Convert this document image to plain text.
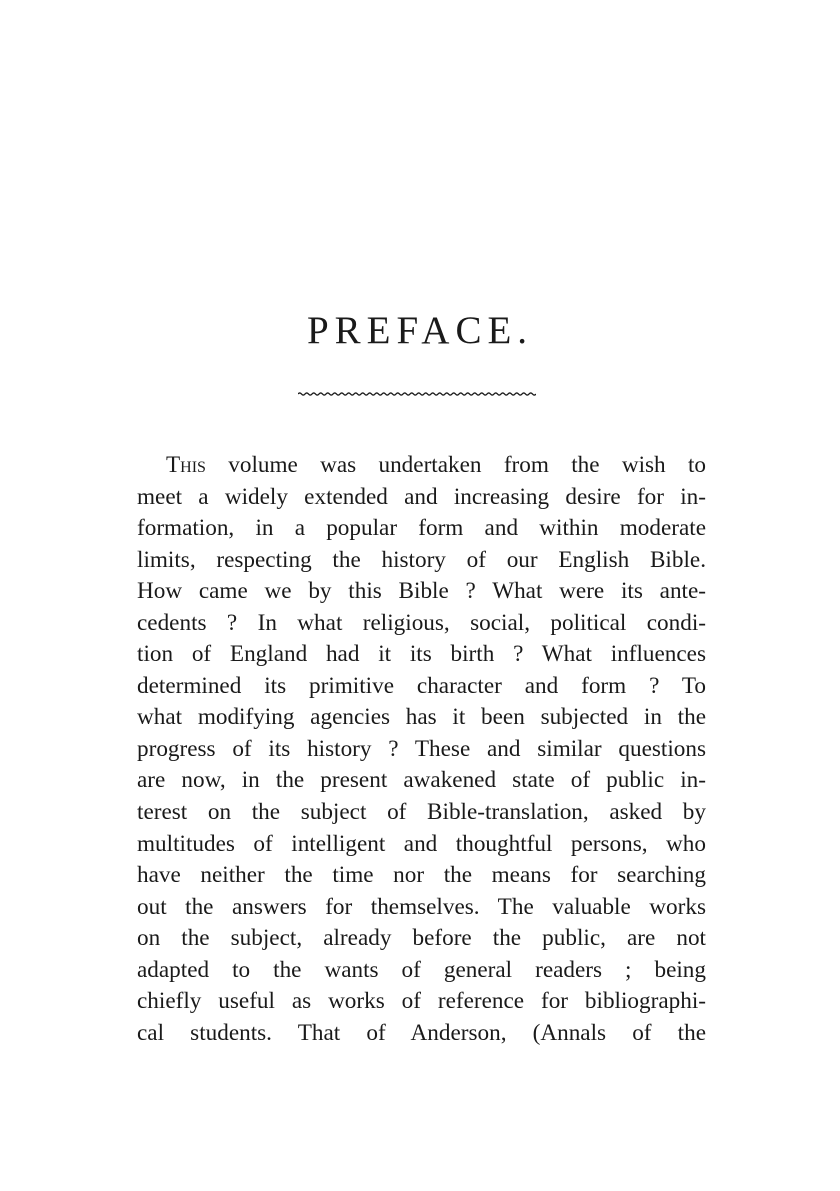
PREFACE.
This volume was undertaken from the wish to
meet a widely extended and increasing desire for in-
formation, in a popular form and within moderate
limits, respecting the history of our English Bible.
How came we by this Bible ? What were its ante-
cedents ? In what religious, social, political condi-
tion of England had it its birth ? What influences
determined its primitive character and form ? To
what modifying agencies has it been subjected in the
progress of its history ? These and similar questions
are now, in the present awakened state of public in-
terest on the subject of Bible-translation, asked by
multitudes of intelligent and thoughtful persons, who
have neither the time nor the means for searching
out the answers for themselves. The valuable works
on the subject, already before the public, are not
adapted to the wants of general readers ; being
chiefly useful as works of reference for bibliographi-
cal students. That of Anderson, (Annals of the
